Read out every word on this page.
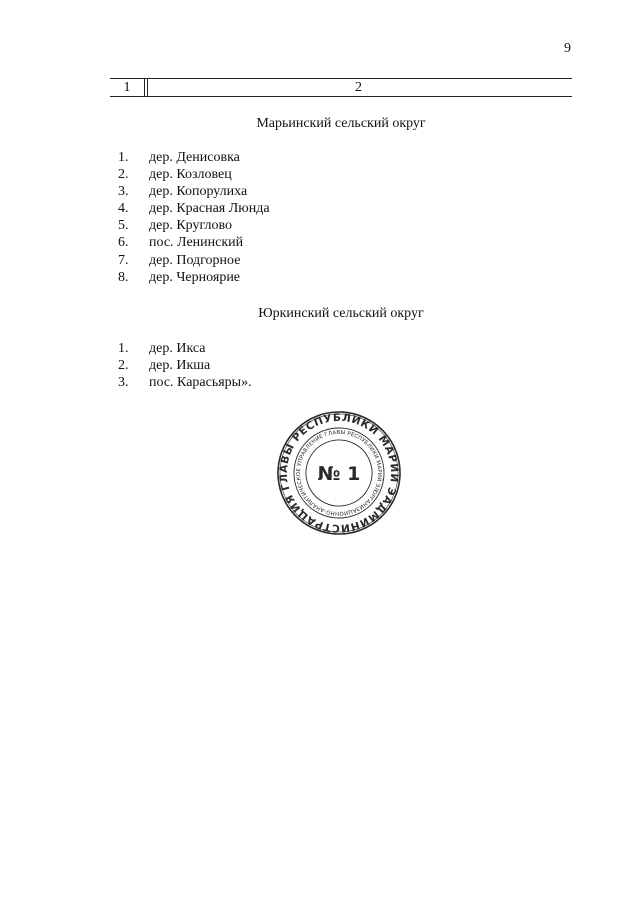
9
1	2
Марьинский сельский округ
1.	дер. Денисовка
2.	дер. Козловец
3.	дер. Копорулиха
4.	дер. Красная Люнда
5.	дер. Круглово
6.	пос. Ленинский
7.	дер. Подгорное
8.	дер. Черноярие
Юркинский сельский округ
1.	дер. Икса
2.	дер. Икша
3.	пос. Карасьяры».
АДМИНИСТРАЦИЯ ГЛАВЫ РЕСПУБЛИКИ МАРИЙ ЭЛ
ОРГАНИЗАЦИОННО-АНАЛИТИЧЕСКОЕ УПРАВЛЕНИЕ ГЛАВЫ РЕСПУБЛИКИ МАРИЙ ЭЛ
№ 1
